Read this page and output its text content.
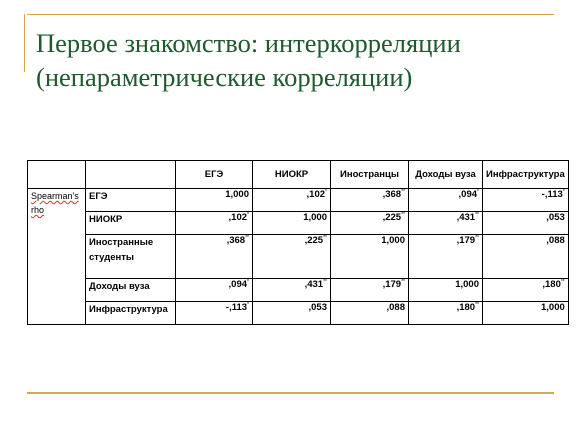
Первое знакомство: интеркорреляции
(непараметрические корреляции)
		ЕГЭ	НИОКР	Иностранцы	Доходы вуза	Инфраструктура
Spearman's rho	ЕГЭ	1,000	,102*	,368**	,094*	-,113*
	НИОКР	,102*	1,000	,225**	,431**	,053
	Иностранные студенты	,368**	,225**	1,000	,179**	,088
	Доходы вуза	,094*	,431**	,179**	1,000	,180**
	Инфраструктура	-,113*	,053	,088	,180**	1,000
